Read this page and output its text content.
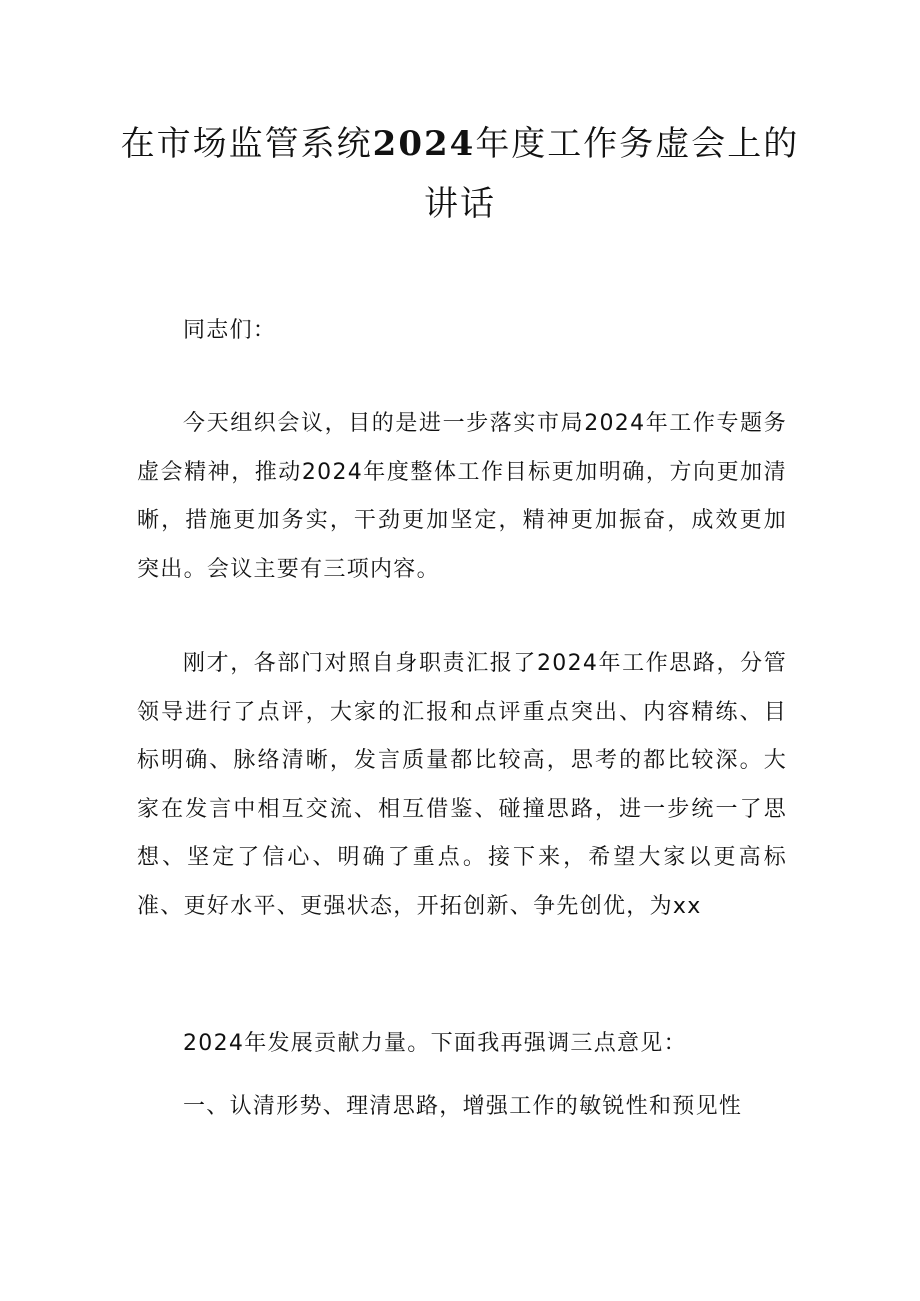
在市场监管系统2024年度工作务虚会上的
讲话

同志们：

今天组织会议，目的是进一步落实市局2024年工作专题务虚会精神，推动2024年度整体工作目标更加明确，方向更加清晰，措施更加务实，干劲更加坚定，精神更加振奋，成效更加突出。会议主要有三项内容。

刚才，各部门对照自身职责汇报了2024年工作思路，分管领导进行了点评，大家的汇报和点评重点突出、内容精练、目标明确、脉络清晰，发言质量都比较高，思考的都比较深。大家在发言中相互交流、相互借鉴、碰撞思路，进一步统一了思想、坚定了信心、明确了重点。接下来，希望大家以更高标准、更好水平、更强状态，开拓创新、争先创优，为xx

2024年发展贡献力量。下面我再强调三点意见：

一、认清形势、理清思路，增强工作的敏锐性和预见性
